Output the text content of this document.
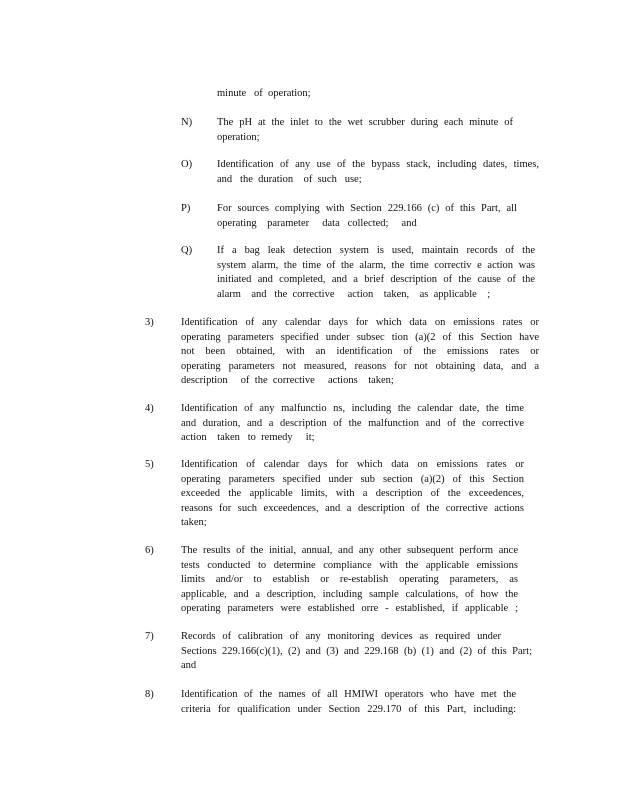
minute   of  operation;
N) The pH at the inlet to the wet scrubber during each minute of
operation;
O) Identification of any use of the bypass stack, including dates, times,
and   the  duration    of  such   use;
P)	For sources complying with Section 229.166 (c) of this Part, all
operating    parameter     data   collected;     and
Q) If a bag leak detection system is used, maintain records of the
system alarm, the time of the alarm, the time correctiv e action was
initiated and completed, and a brief description of the cause of the
alarm    and   the  corrective     action    taken,    as  applicable    ;
3)	Identification of any calendar days for which data on emissions rates or
operating parameters specified under subsec tion (a)(2 of this Section have
not been obtained, with an identification of the emissions rates or
operating parameters not measured, reasons for not obtaining data, and a
description     of  the  corrective     actions    taken;
4)	Identification of any malfunctio ns, including the calendar date, the time
and duration, and a description of the malfunction and of the corrective
action    taken   to  remedy     it;
5)	Identification of calendar days for which data on emissions rates or
operating parameters specified under sub section (a)(2) of this Section
exceeded the applicable limits, with a description of the exceedences,
reasons for such exceedences, and a description of the corrective actions
taken;
6)	The results of the initial, annual, and any other subsequent perform ance
tests conducted to determine compliance with the applicable emissions
limits and/or to establish or re-establish operating parameters, as
applicable, and a description, including sample calculations, of how the
operating parameters were established orre - established, if applicable ;
7)	Records of calibration of any monitoring devices as required under
Sections 229.166(c)(1), (2) and (3) and 229.168 (b) (1) and (2) of this Part;
and
8)	Identification of the names of all HMIWI operators who have met the
criteria for qualification under Section 229.170 of this Part, including:
